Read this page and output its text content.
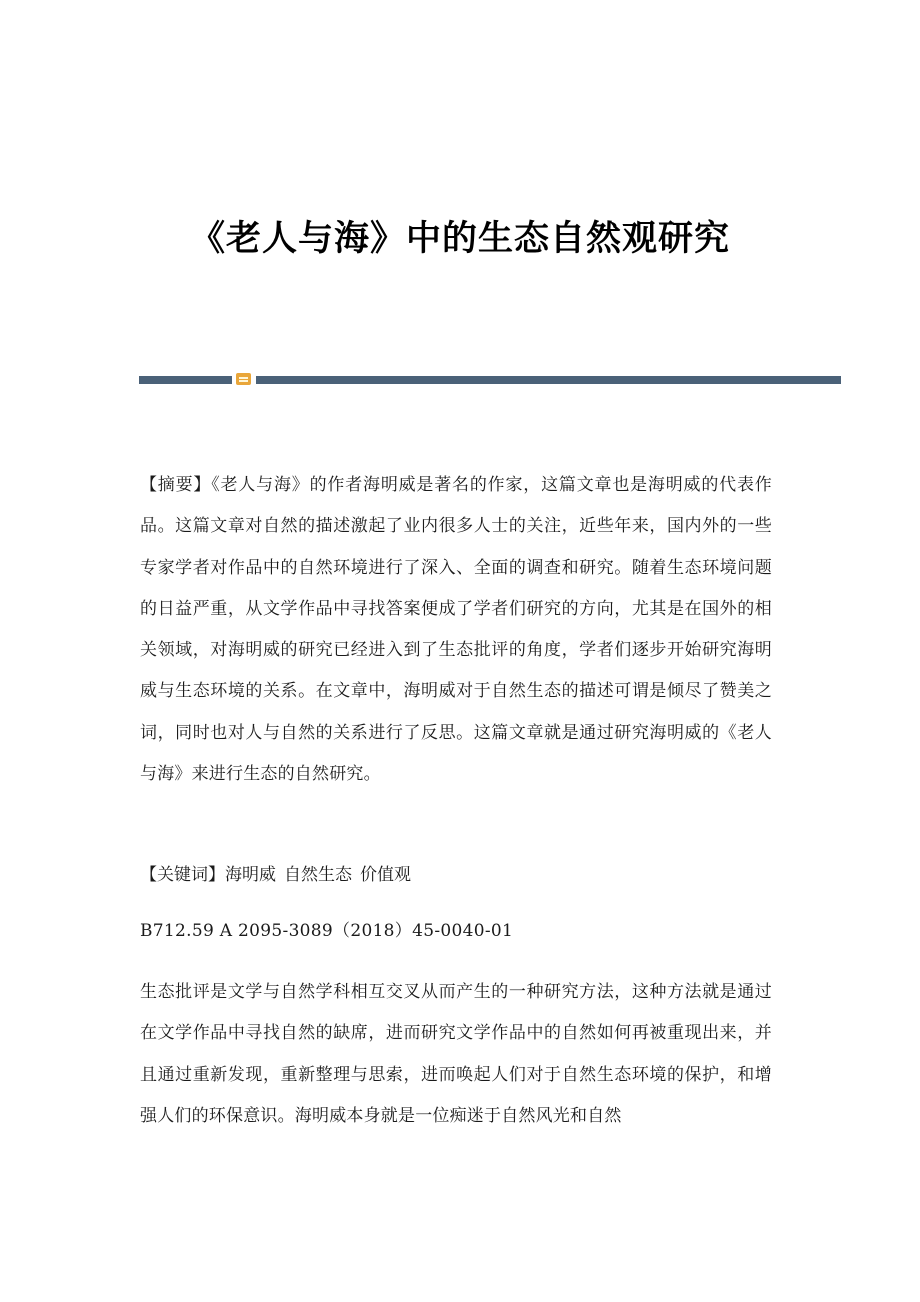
《老人与海》中的生态自然观研究
【摘要】《老人与海》的作者海明威是著名的作家，这篇文章也是海明威的代表作品。这篇文章对自然的描述激起了业内很多人士的关注，近些年来，国内外的一些专家学者对作品中的自然环境进行了深入、全面的调查和研究。随着生态环境问题的日益严重，从文学作品中寻找答案便成了学者们研究的方向，尤其是在国外的相关领域，对海明威的研究已经进入到了生态批评的角度，学者们逐步开始研究海明威与生态环境的关系。在文章中，海明威对于自然生态的描述可谓是倾尽了赞美之词，同时也对人与自然的关系进行了反思。这篇文章就是通过研究海明威的《老人与海》来进行生态的自然研究。
【关键词】海明威 自然生态 价值观
B712.59 A 2095-3089（2018）45-0040-01
生态批评是文学与自然学科相互交叉从而产生的一种研究方法，这种方法就是通过在文学作品中寻找自然的缺席，进而研究文学作品中的自然如何再被重现出来，并且通过重新发现，重新整理与思索，进而唤起人们对于自然生态环境的保护，和增强人们的环保意识。海明威本身就是一位痴迷于自然风光和自然
